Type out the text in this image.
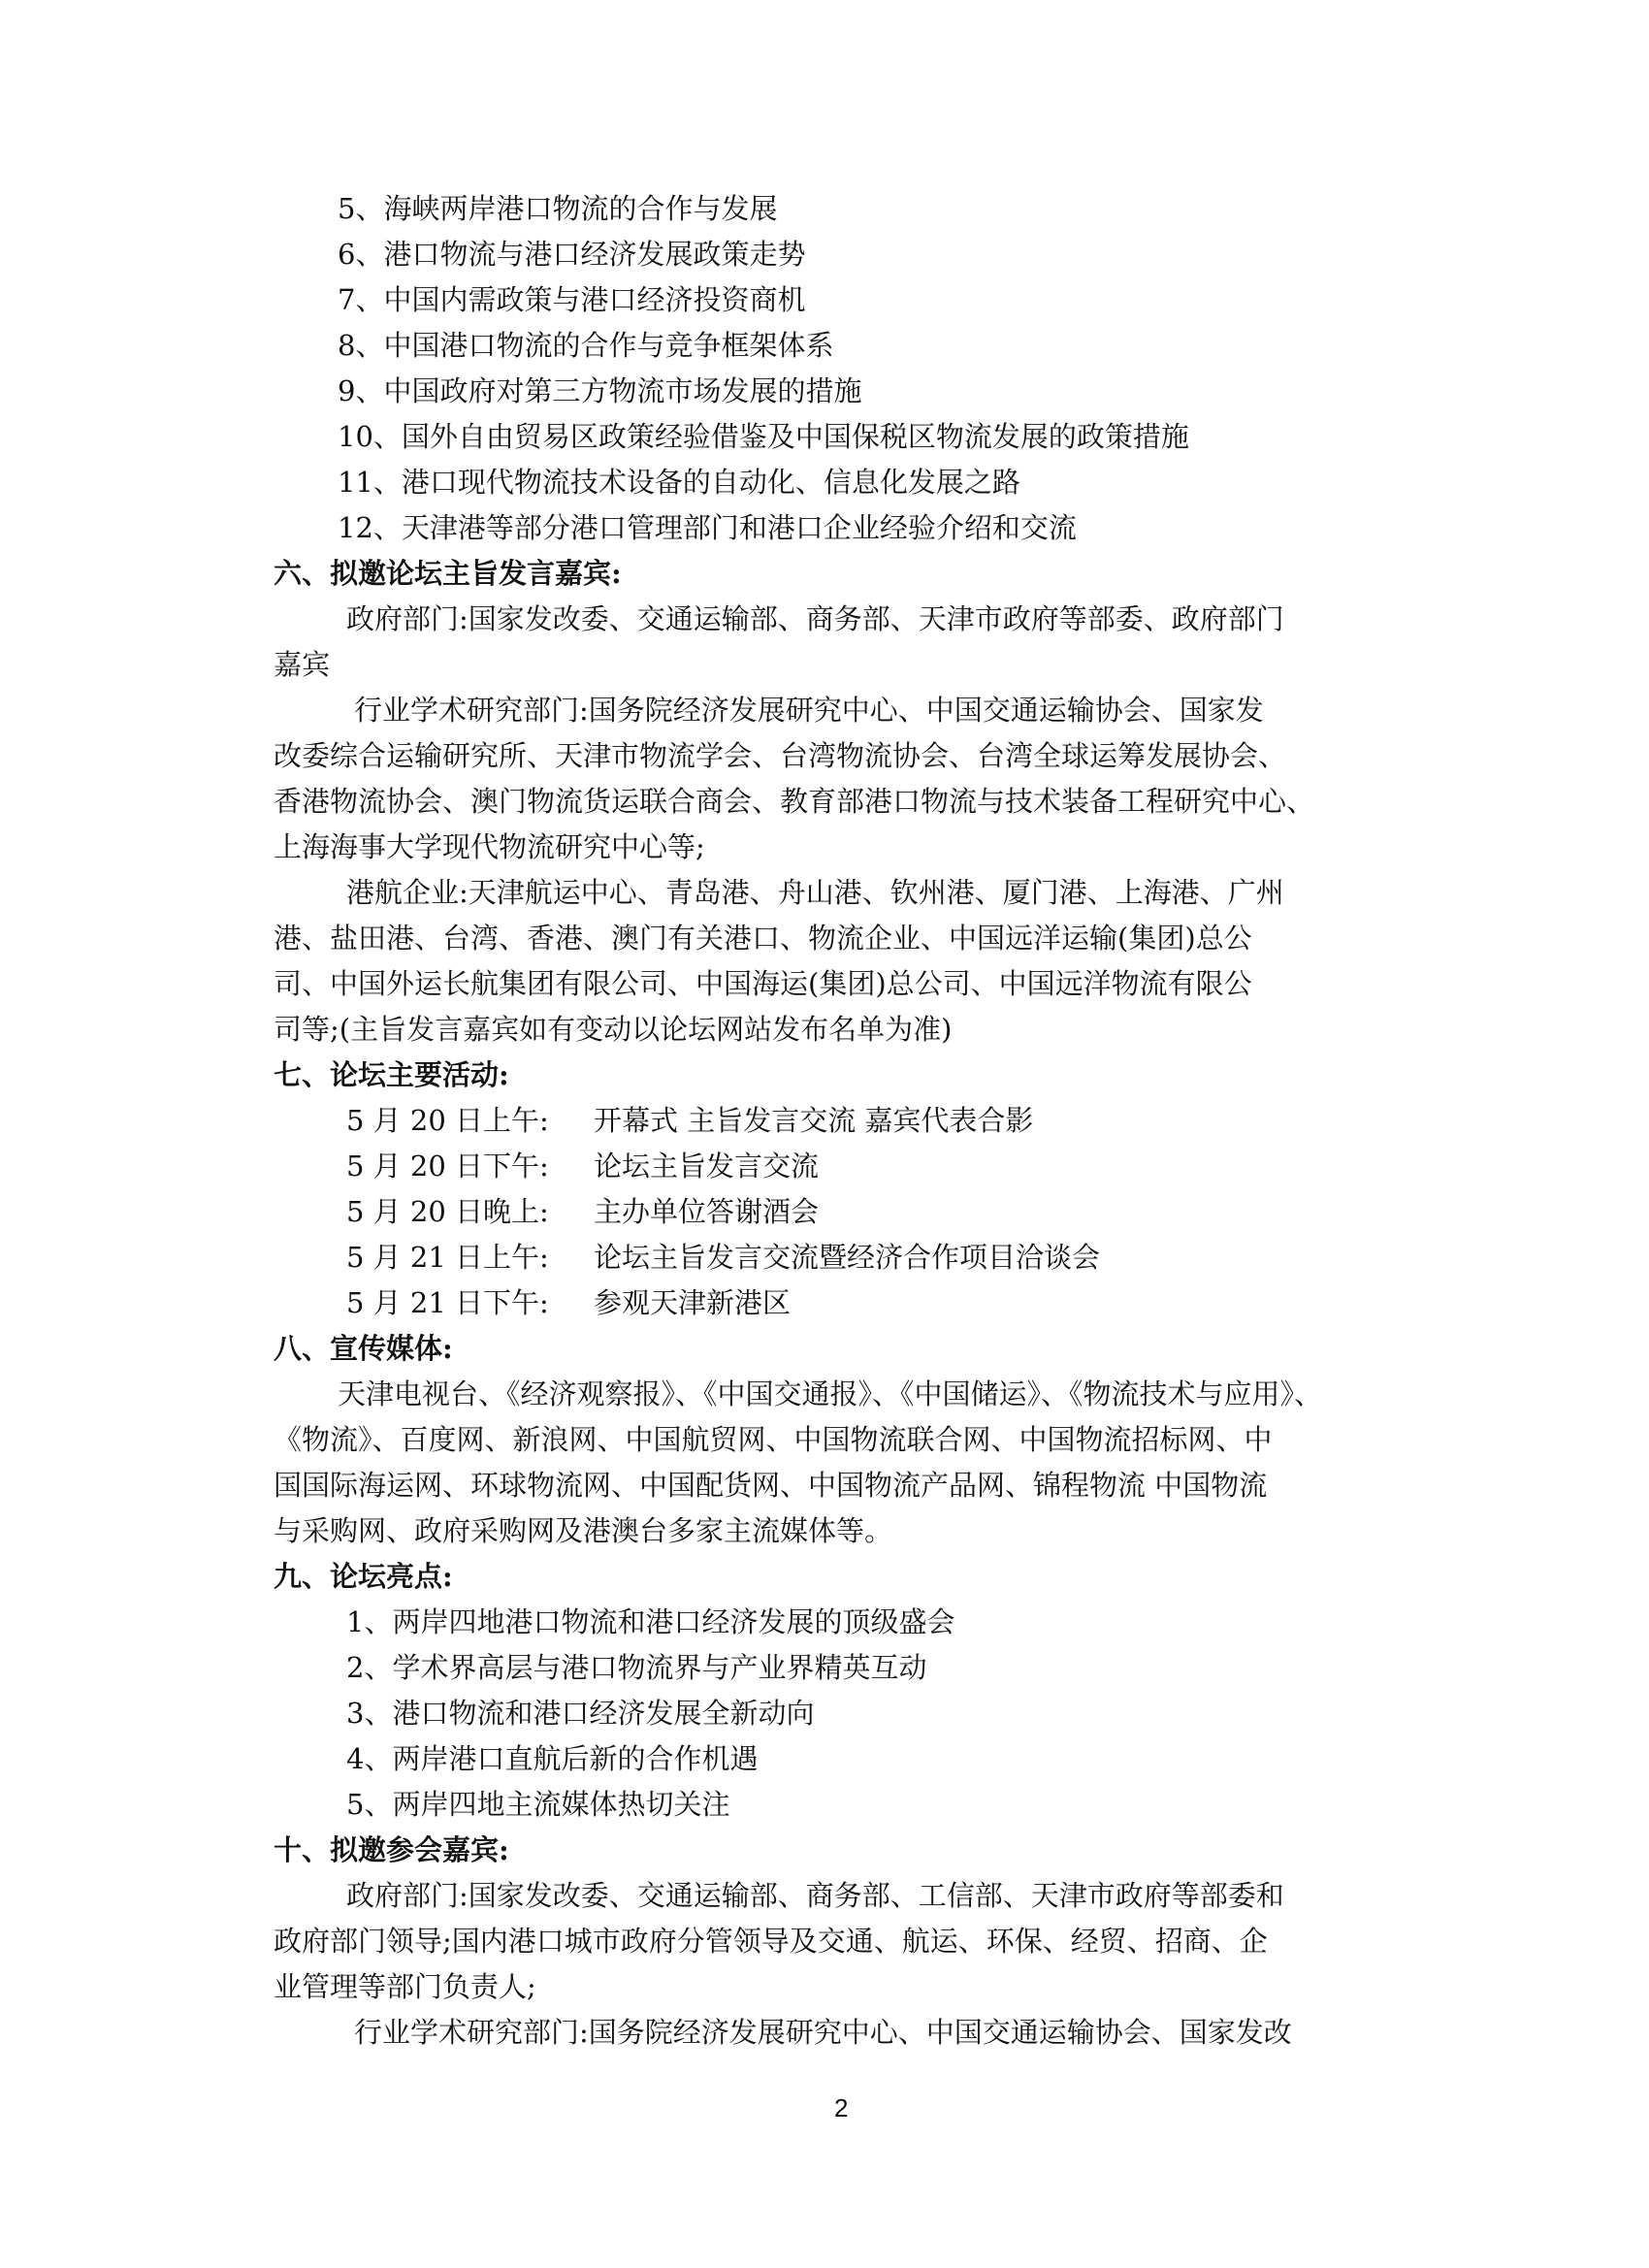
5、海峡两岸港口物流的合作与发展
6、港口物流与港口经济发展政策走势
7、中国内需政策与港口经济投资商机
8、中国港口物流的合作与竞争框架体系
9、中国政府对第三方物流市场发展的措施
10、国外自由贸易区政策经验借鉴及中国保税区物流发展的政策措施
11、港口现代物流技术设备的自动化、信息化发展之路
12、天津港等部分港口管理部门和港口企业经验介绍和交流
六、拟邀论坛主旨发言嘉宾:
政府部门:国家发改委、交通运输部、商务部、天津市政府等部委、政府部门
嘉宾
行业学术研究部门:国务院经济发展研究中心、中国交通运输协会、国家发
改委综合运输研究所、天津市物流学会、台湾物流协会、台湾全球运筹发展协会、
香港物流协会、澳门物流货运联合商会、教育部港口物流与技术装备工程研究中心、
上海海事大学现代物流研究中心等;
港航企业:天津航运中心、青岛港、舟山港、钦州港、厦门港、上海港、广州
港、盐田港、台湾、香港、澳门有关港口、物流企业、中国远洋运输(集团)总公
司、中国外运长航集团有限公司、中国海运(集团)总公司、中国远洋物流有限公
司等;(主旨发言嘉宾如有变动以论坛网站发布名单为准)
七、论坛主要活动:
5 月 20 日上午: 开幕式 主旨发言交流 嘉宾代表合影
5 月 20 日下午: 论坛主旨发言交流
5 月 20 日晚上: 主办单位答谢酒会
5 月 21 日上午: 论坛主旨发言交流暨经济合作项目洽谈会
5 月 21 日下午: 参观天津新港区
八、宣传媒体:
天津电视台、《经济观察报》、《中国交通报》、《中国储运》、《物流技术与应用》、
《物流》、百度网、新浪网、中国航贸网、中国物流联合网、中国物流招标网、中
国国际海运网、环球物流网、中国配货网、中国物流产品网、锦程物流 中国物流
与采购网、政府采购网及港澳台多家主流媒体等。
九、论坛亮点:
1、两岸四地港口物流和港口经济发展的顶级盛会
2、学术界高层与港口物流界与产业界精英互动
3、港口物流和港口经济发展全新动向
4、两岸港口直航后新的合作机遇
5、两岸四地主流媒体热切关注
十、拟邀参会嘉宾:
政府部门:国家发改委、交通运输部、商务部、工信部、天津市政府等部委和
政府部门领导;国内港口城市政府分管领导及交通、航运、环保、经贸、招商、企
业管理等部门负责人;
行业学术研究部门:国务院经济发展研究中心、中国交通运输协会、国家发改
2
